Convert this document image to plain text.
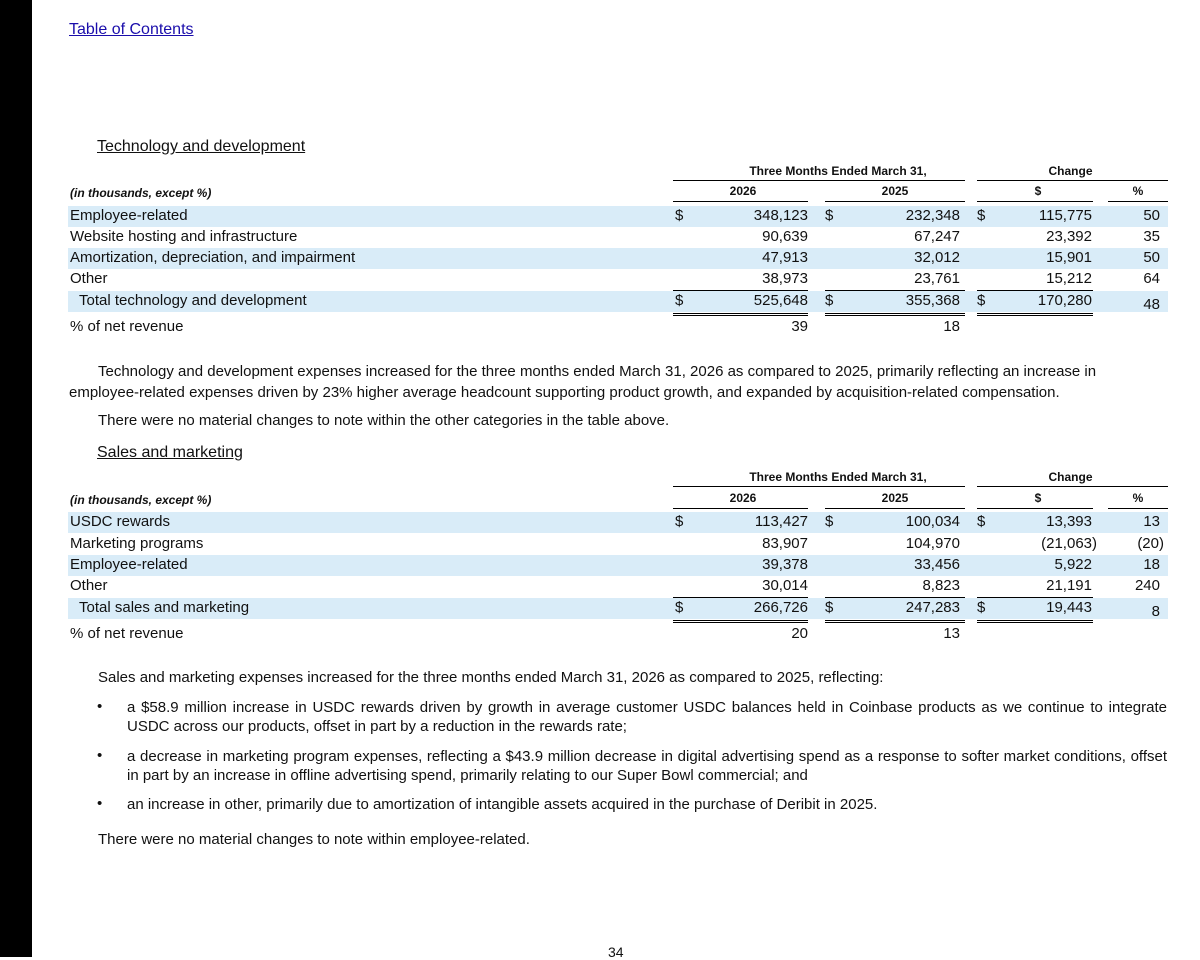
Table of Contents
Technology and development
Three Months Ended March 31,	Change
(in thousands, except %)	2026	2025	$	%
Employee-related	$	348,123 $	232,348 $	115,775	50
Website hosting and infrastructure	90,639	67,247	23,392	35
Amortization, depreciation, and impairment	47,913	32,012	15,901	50
Other	38,973	23,761	15,212	64
Total technology and development	$	525,648 $	355,368 $	170,280	48
% of net revenue	39	18
Technology and development expenses increased for the three months ended March 31, 2026 as compared to 2025, primarily reflecting an increase in employee-related expenses driven by 23% higher average headcount supporting product growth, and expanded by acquisition-related compensation.
There were no material changes to note within the other categories in the table above.
Sales and marketing
Three Months Ended March 31,	Change
(in thousands, except %)	2026	2025	$	%
USDC rewards	$	113,427 $	100,034 $	13,393	13
Marketing programs	83,907	104,970	(21,063)	(20)
Employee-related	39,378	33,456	5,922	18
Other	30,014	8,823	21,191	240
Total sales and marketing	$	266,726 $	247,283 $	19,443	8
% of net revenue	20	13
Sales and marketing expenses increased for the three months ended March 31, 2026 as compared to 2025, reflecting:
• a $58.9 million increase in USDC rewards driven by growth in average customer USDC balances held in Coinbase products as we continue to integrate USDC across our products, offset in part by a reduction in the rewards rate;
• a decrease in marketing program expenses, reflecting a $43.9 million decrease in digital advertising spend as a response to softer market conditions, offset in part by an increase in offline advertising spend, primarily relating to our Super Bowl commercial; and
• an increase in other, primarily due to amortization of intangible assets acquired in the purchase of Deribit in 2025.
There were no material changes to note within employee-related.
34
